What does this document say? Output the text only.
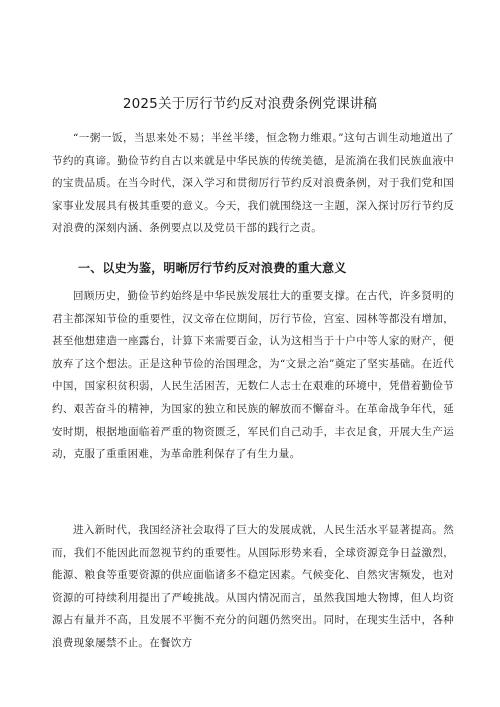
2025关于厉行节约反对浪费条例党课讲稿

“一粥一饭，当思来处不易；半丝半缕，恒念物力维艰。”这句古训生动地道出了节约的真谛。勤俭节约自古以来就是中华民族的传统美德，是流淌在我们民族血液中的宝贵品质。在当今时代，深入学习和贯彻厉行节约反对浪费条例，对于我们党和国家事业发展具有极其重要的意义。今天，我们就围绕这一主题，深入探讨厉行节约反对浪费的深刻内涵、条例要点以及党员干部的践行之责。

一、以史为鉴，明晰厉行节约反对浪费的重大意义

回顾历史，勤俭节约始终是中华民族发展壮大的重要支撑。在古代，许多贤明的君主都深知节俭的重要性，汉文帝在位期间，厉行节俭，宫室、园林等都没有增加，甚至他想建造一座露台，计算下来需要百金，认为这相当于十户中等人家的财产，便放弃了这个想法。正是这种节俭的治国理念，为“文景之治”奠定了坚实基础。在近代中国，国家积贫积弱，人民生活困苦，无数仁人志士在艰难的环境中，凭借着勤俭节约、艰苦奋斗的精神，为国家的独立和民族的解放而不懈奋斗。在革命战争年代，延安时期，根据地面临着严重的物资匮乏，军民们自己动手，丰衣足食，开展大生产运动，克服了重重困难，为革命胜利保存了有生力量。

进入新时代，我国经济社会取得了巨大的发展成就，人民生活水平显著提高。然而，我们不能因此而忽视节约的重要性。从国际形势来看，全球资源竞争日益激烈，能源、粮食等重要资源的供应面临诸多不稳定因素。气候变化、自然灾害频发，也对资源的可持续利用提出了严峻挑战。从国内情况而言，虽然我国地大物博，但人均资源占有量并不高，且发展不平衡不充分的问题仍然突出。同时，在现实生活中，各种浪费现象屡禁不止。在餐饮方
